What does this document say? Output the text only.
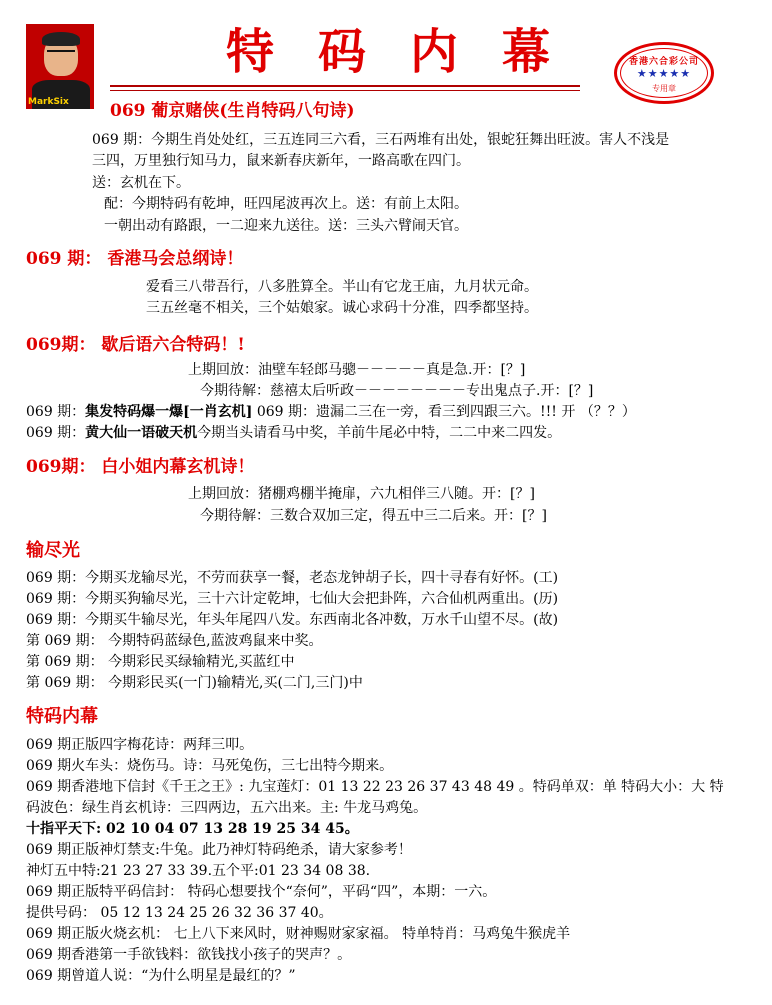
MarkSix
特码内幕	香港六合彩公司
★★★★★
专用章
069 葡京赌侠(生肖特码八句诗)
069 期：今期生肖处处红，三五连同三六看，三石两堆有出处，银蛇狂舞出旺波。害人不浅是
三四，万里独行知马力，鼠来新春庆新年，一路高歌在四门。
送：玄机在下。
配：今期特码有乾坤，旺四尾波再次上。送：有前上太阳。
一朝出动有路跟，一二迎来九送往。送：三头六臂闹天官。
069 期： 香港马会总纲诗！
爱看三八带吾行，八多胜算全。半山有它龙王庙，九月状元命。
三五丝毫不相关，三个姑娘家。诚心求码十分准，四季都坚持。
069期： 歇后语六合特码！!
上期回放：油壁车轻郎马骢－－－－－真是急.开：[？]
今期待解：慈禧太后听政－－－－－－－－专出鬼点子.开：[？]
069 期：集发特码爆一爆[一肖玄机] 069 期：遗漏二三在一旁，看三到四跟三六。!!! 开 （？？）
069 期：黄大仙一语破天机今期当头请看马中奖，羊前牛尾必中特，二二中来二四发。
069期： 白小姐内幕玄机诗！
上期回放：猪棚鸡棚半掩扉，六九相伴三八随。开：[？]
今期待解：三数合双加三定，得五中三二后来。开：[？]
输尽光
069 期：今期买龙输尽光，不劳而获享一餐，老态龙钟胡子长，四十寻春有好怀。(工)
069 期：今期买狗输尽光，三十六计定乾坤，七仙大会把卦阵，六合仙机两重出。(历)
069 期：今期买牛输尽光，年头年尾四八发。东西南北各冲数，万水千山望不尽。(故)
第 069 期： 今期特码蓝绿色,蓝波鸡鼠来中奖。
第 069 期： 今期彩民买绿输精光,买蓝红中
第 069 期： 今期彩民买(一门)输精光,买(二门,三门)中
特码内幕
069 期正版四字梅花诗：两拜三叩。
069 期火车头：烧伤马。诗：马死兔伤，三七出特今期来。
069 期香港地下信封《千王之王》: 九宝莲灯：01 13 22 23 26 37 43 48 49 。特码单双：单 特码大小：大 特
码波色：绿生肖玄机诗：三四两边，五六出来。主: 牛龙马鸡兔。
十指平天下: 02 10 04 07 13 28 19 25 34 45。
069 期正版神灯禁支:牛兔。此乃神灯特码绝杀，请大家参考！
神灯五中特:21 23 27 33 39.五个平:01 23 34 08 38.
069 期正版特平码信封： 特码心想要找个“奈何”，平码“四”，本期：一六。
提供号码： 05 12 13 24 25 26 32 36 37 40。
069 期正版火烧玄机： 七上八下来风时，财神赐财家家福。 特单特肖：马鸡兔牛猴虎羊
069 期香港第一手欲钱料：欲钱找小孩子的哭声？。
069 期曾道人说：“为什么明星是最红的？”
